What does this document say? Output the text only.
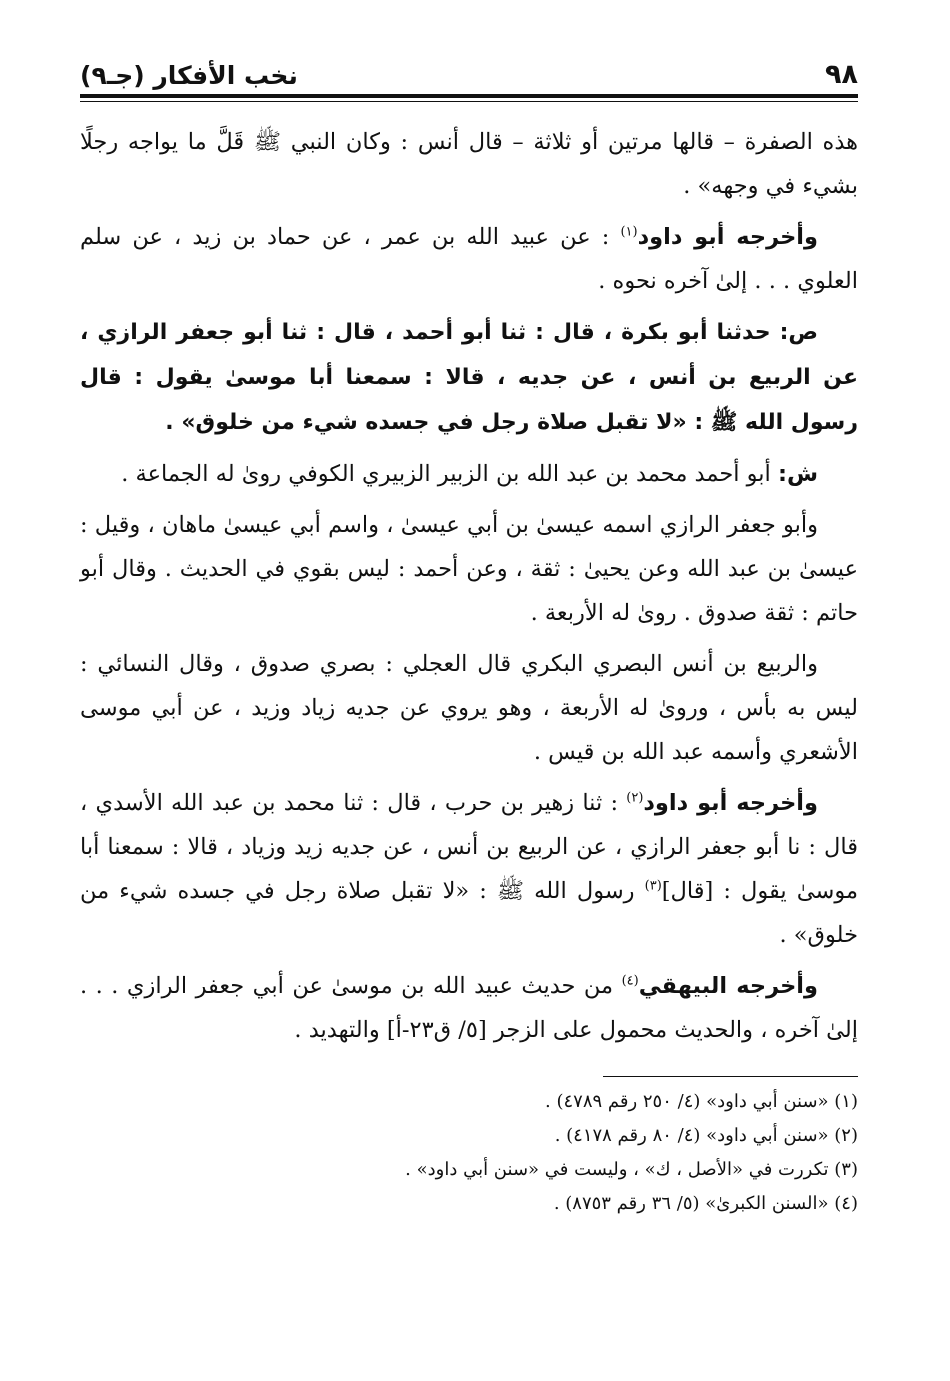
٩٨
نخب الأفكار (جـ٩)

هذه الصفرة – قالها مرتين أو ثلاثة – قال أنس : وكان النبي ﷺ قَلَّ ما يواجه رجلًا بشيء في وجهه» .

وأخرجه أبو داود$^{(١)}$ : عن عبيد الله بن عمر ، عن حماد بن زيد ، عن سلم العلوي . . . إلىٰ آخره نحوه .

ص: حدثنا أبو بكرة ، قال : ثنا أبو أحمد ، قال : ثنا أبو جعفر الرازي ، عن الربيع بن أنس ، عن جديه ، قالا : سمعنا أبا موسىٰ يقول : قال رسول الله ﷺ : «لا تقبل صلاة رجل في جسده شيء من خلوق» .

ش: أبو أحمد محمد بن عبد الله بن الزبير الزبيري الكوفي روىٰ له الجماعة .

وأبو جعفر الرازي اسمه عيسىٰ بن أبي عيسىٰ ، واسم أبي عيسىٰ ماهان ، وقيل : عيسىٰ بن عبد الله وعن يحيىٰ : ثقة ، وعن أحمد : ليس بقوي في الحديث . وقال أبو حاتم : ثقة صدوق . روىٰ له الأربعة .

والربيع بن أنس البصري البكري قال العجلي : بصري صدوق ، وقال النسائي : ليس به بأس ، وروىٰ له الأربعة ، وهو يروي عن جديه زياد وزيد ، عن أبي موسى الأشعري وأسمه عبد الله بن قيس .

وأخرجه أبو داود$^{(٢)}$ : ثنا زهير بن حرب ، قال : ثنا محمد بن عبد الله الأسدي ، قال : نا أبو جعفر الرازي ، عن الربيع بن أنس ، عن جديه زيد وزياد ، قالا : سمعنا أبا موسىٰ يقول : [قال]$^{(٣)}$ رسول الله ﷺ : «لا تقبل صلاة رجل في جسده شيء من خلوق» .

وأخرجه البيهقي$^{(٤)}$ من حديث عبيد الله بن موسىٰ عن أبي جعفر الرازي . . . إلىٰ آخره ، والحديث محمول على الزجر [٥/ ق٢٣-أ] والتهديد .

(١) «سنن أبي داود» (٤/ ٢٥٠ رقم ٤٧٨٩) .

(٢) «سنن أبي داود» (٤/ ٨٠ رقم ٤١٧٨) .

(٣) تكررت في «الأصل ، ك» ، وليست في «سنن أبي داود» .

(٤) «السنن الكبرىٰ» (٥/ ٣٦ رقم ٨٧٥٣) .
